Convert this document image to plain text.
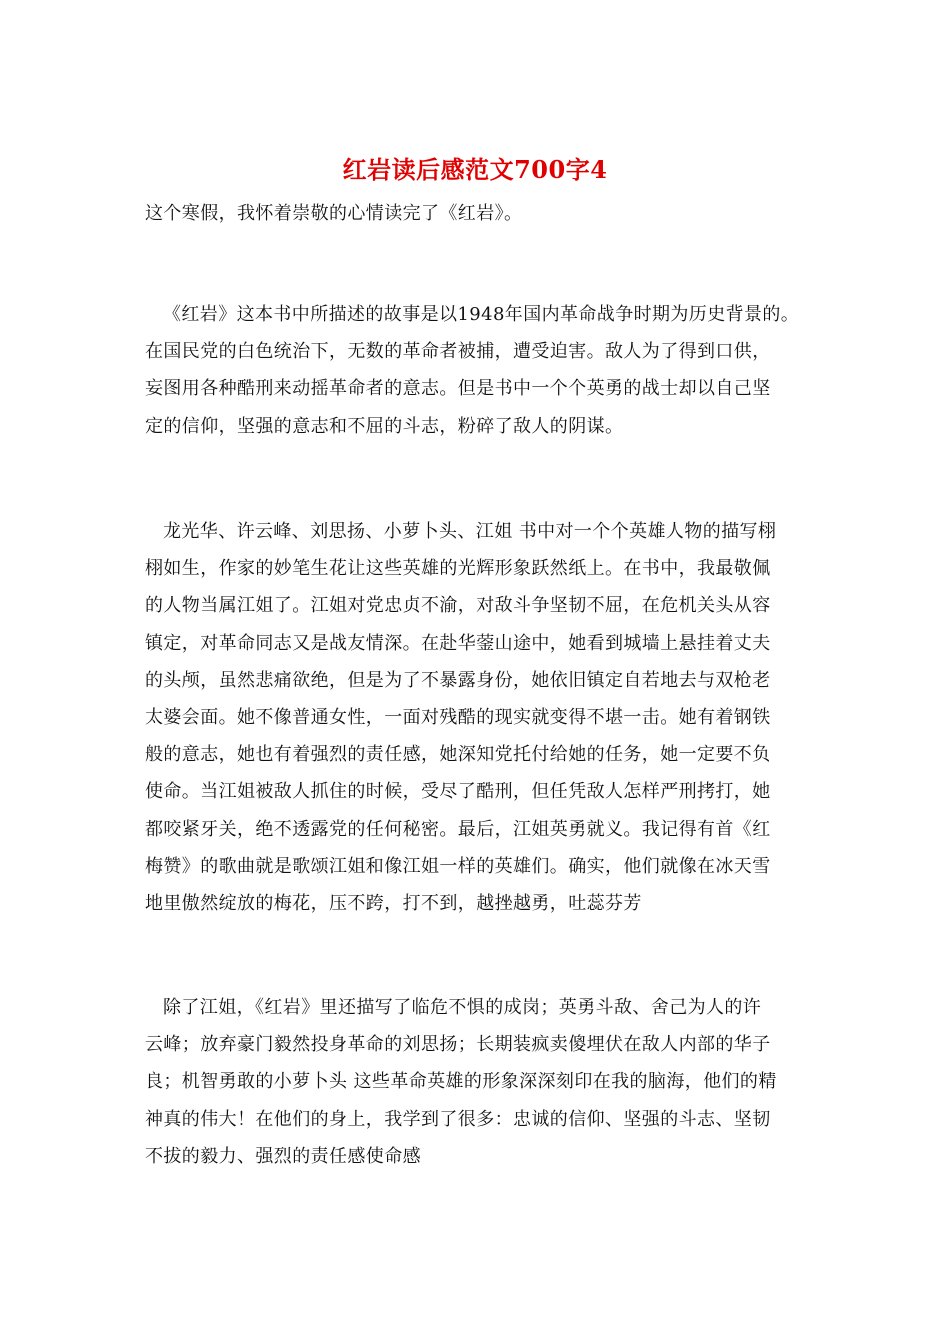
红岩读后感范文700字4
这个寒假，我怀着崇敬的心情读完了《红岩》。
《红岩》这本书中所描述的故事是以1948年国内革命战争时期为历史背景的。
在国民党的白色统治下，无数的革命者被捕，遭受迫害。敌人为了得到口供，
妄图用各种酷刑来动摇革命者的意志。但是书中一个个英勇的战士却以自己坚
定的信仰，坚强的意志和不屈的斗志，粉碎了敌人的阴谋。
龙光华、许云峰、刘思扬、小萝卜头、江姐 书中对一个个英雄人物的描写栩
栩如生，作家的妙笔生花让这些英雄的光辉形象跃然纸上。在书中，我最敬佩
的人物当属江姐了。江姐对党忠贞不渝，对敌斗争坚韧不屈，在危机关头从容
镇定，对革命同志又是战友情深。在赴华蓥山途中，她看到城墙上悬挂着丈夫
的头颅，虽然悲痛欲绝，但是为了不暴露身份，她依旧镇定自若地去与双枪老
太婆会面。她不像普通女性，一面对残酷的现实就变得不堪一击。她有着钢铁
般的意志，她也有着强烈的责任感，她深知党托付给她的任务，她一定要不负
使命。当江姐被敌人抓住的时候，受尽了酷刑，但任凭敌人怎样严刑拷打，她
都咬紧牙关，绝不透露党的任何秘密。最后，江姐英勇就义。我记得有首《红
梅赞》的歌曲就是歌颂江姐和像江姐一样的英雄们。确实，他们就像在冰天雪
地里傲然绽放的梅花，压不跨，打不到，越挫越勇，吐蕊芬芳
除了江姐，《红岩》里还描写了临危不惧的成岗；英勇斗敌、舍己为人的许
云峰；放弃豪门毅然投身革命的刘思扬；长期装疯卖傻埋伏在敌人内部的华子
良；机智勇敢的小萝卜头 这些革命英雄的形象深深刻印在我的脑海，他们的精
神真的伟大！在他们的身上，我学到了很多：忠诚的信仰、坚强的斗志、坚韧
不拔的毅力、强烈的责任感使命感
